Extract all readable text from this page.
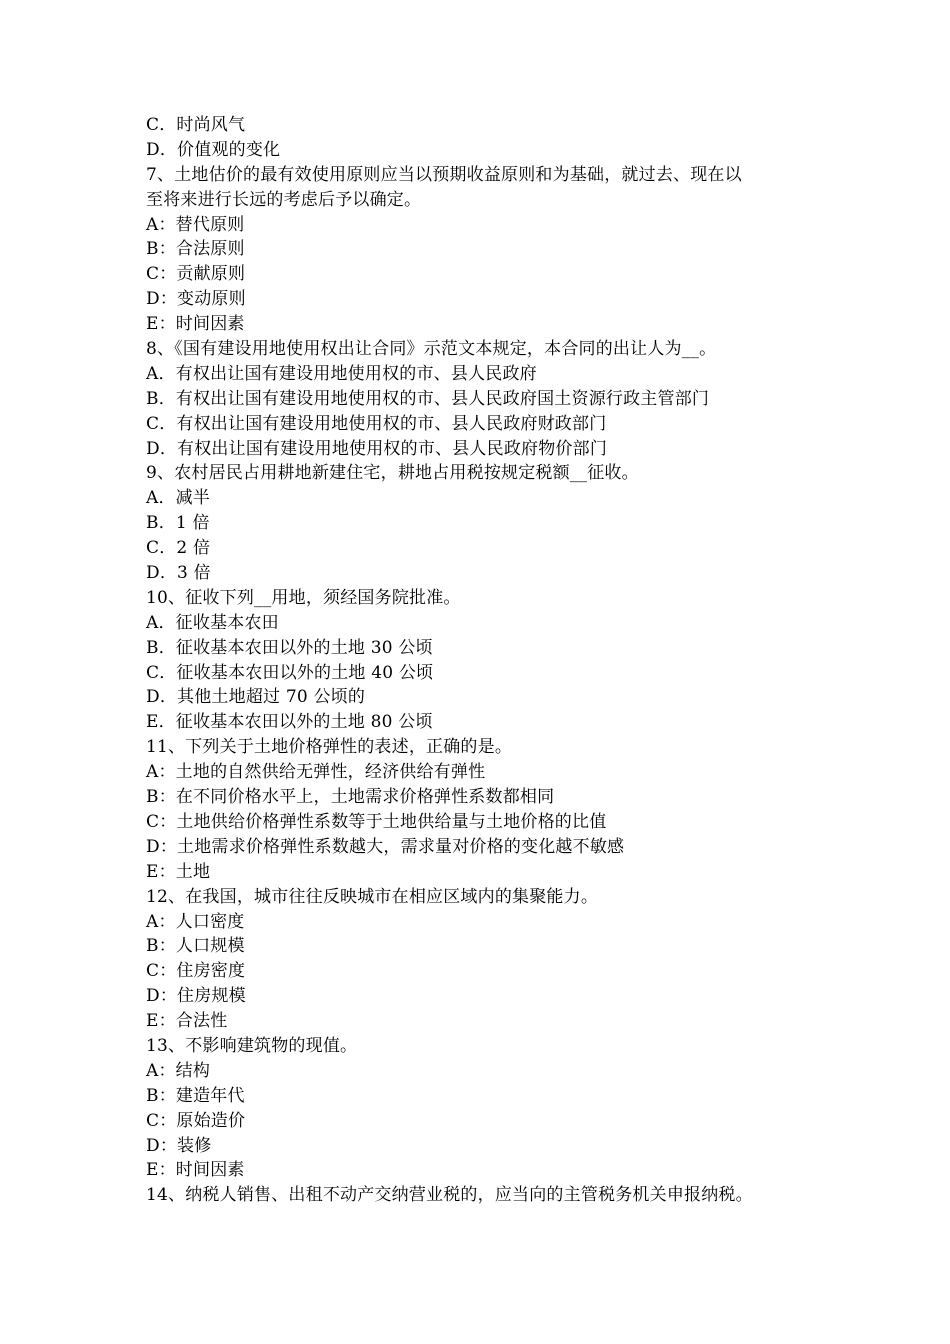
C．时尚风气
D．价值观的变化
7、土地估价的最有效使用原则应当以预期收益原则和为基础，就过去、现在以
至将来进行长远的考虑后予以确定。
A：替代原则
B：合法原则
C：贡献原则
D：变动原则
E：时间因素
8、《国有建设用地使用权出让合同》示范文本规定，本合同的出让人为__。
A．有权出让国有建设用地使用权的市、县人民政府
B．有权出让国有建设用地使用权的市、县人民政府国土资源行政主管部门
C．有权出让国有建设用地使用权的市、县人民政府财政部门
D．有权出让国有建设用地使用权的市、县人民政府物价部门
9、农村居民占用耕地新建住宅，耕地占用税按规定税额__征收。
A．减半
B．1 倍
C．2 倍
D．3 倍
10、征收下列__用地，须经国务院批准。
A．征收基本农田
B．征收基本农田以外的土地 30 公顷
C．征收基本农田以外的土地 40 公顷
D．其他土地超过 70 公顷的
E．征收基本农田以外的土地 80 公顷
11、下列关于土地价格弹性的表述，正确的是。
A：土地的自然供给无弹性，经济供给有弹性
B：在不同价格水平上，土地需求价格弹性系数都相同
C：土地供给价格弹性系数等于土地供给量与土地价格的比值
D：土地需求价格弹性系数越大，需求量对价格的变化越不敏感
E：土地
12、在我国，城市往往反映城市在相应区域内的集聚能力。
A：人口密度
B：人口规模
C：住房密度
D：住房规模
E：合法性
13、不影响建筑物的现值。
A：结构
B：建造年代
C：原始造价
D：装修
E：时间因素
14、纳税人销售、出租不动产交纳营业税的，应当向的主管税务机关申报纳税。
